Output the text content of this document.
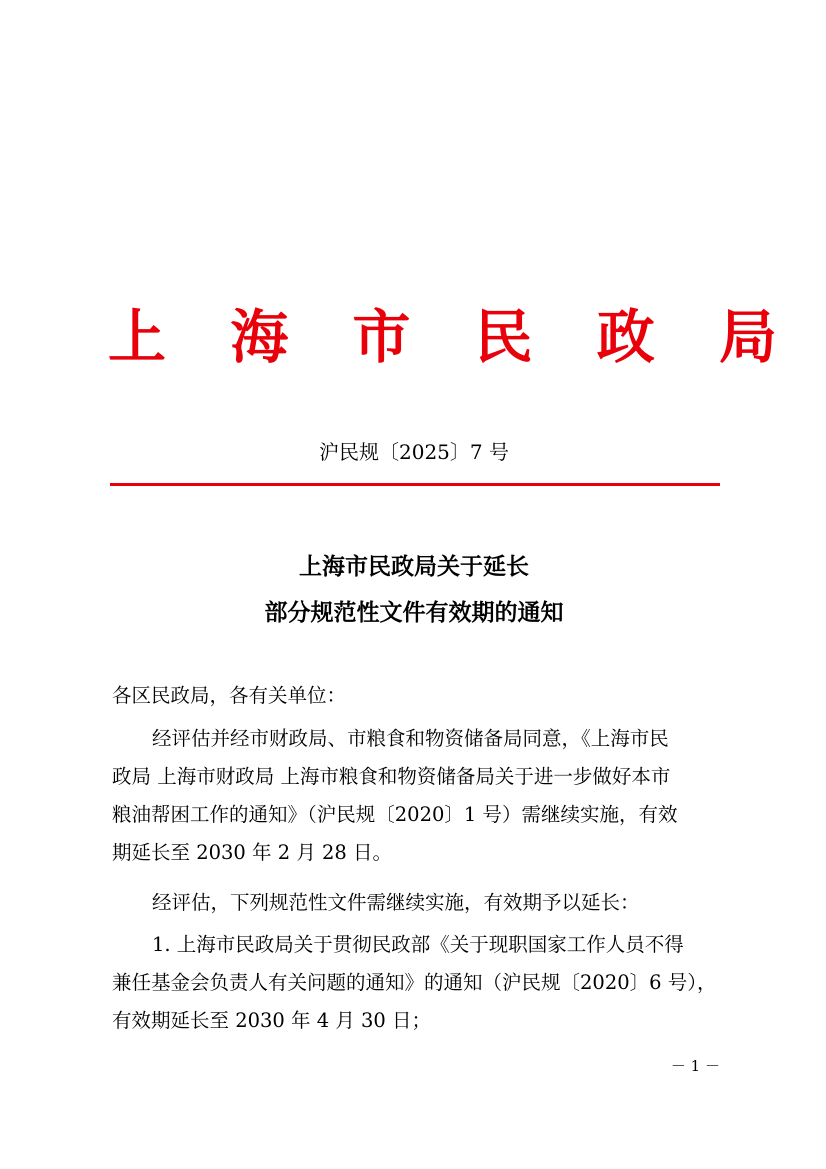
上 海 市 民 政 局
沪民规〔2025〕7 号
上海市民政局关于延长
部分规范性文件有效期的通知
各区民政局，各有关单位：
经评估并经市财政局、市粮食和物资储备局同意，《上海市民
政局 上海市财政局 上海市粮食和物资储备局关于进一步做好本市
粮油帮困工作的通知》（沪民规〔2020〕1 号）需继续实施，有效
期延长至 2030 年 2 月 28 日。
经评估，下列规范性文件需继续实施，有效期予以延长：
1. 上海市民政局关于贯彻民政部《关于现职国家工作人员不得
兼任基金会负责人有关问题的通知》的通知（沪民规〔2020〕6 号），
有效期延长至 2030 年 4 月 30 日；
－ 1 －
